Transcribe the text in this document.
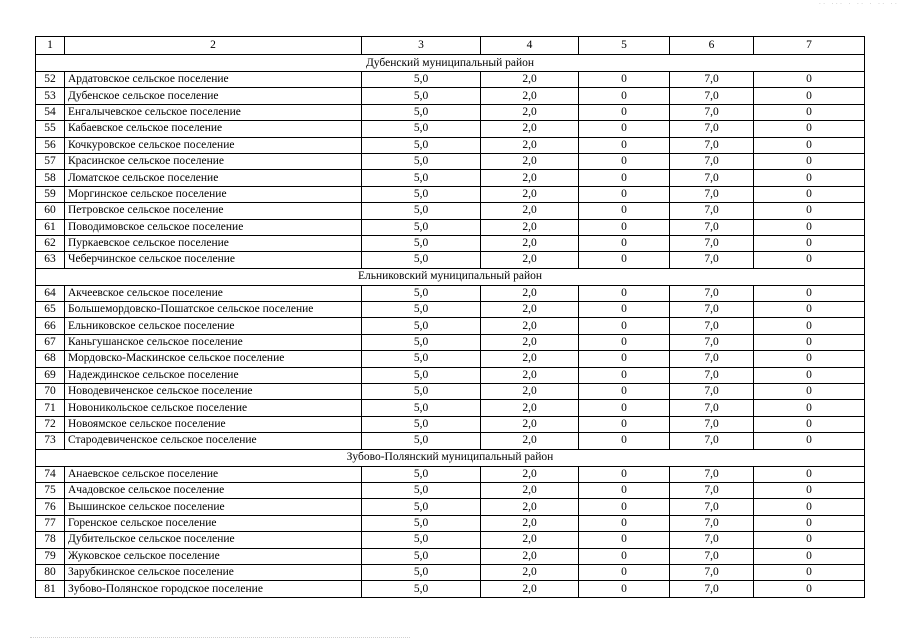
·· ··· · ·· · ·· ··
1	2	3	4	5	6	7
Дубенский муниципальный район						
52	Ардатовское сельское поселение	5,0	2,0	0	7,0	0
53	Дубенское сельское поселение	5,0	2,0	0	7,0	0
54	Енгалычевское сельское поселение	5,0	2,0	0	7,0	0
55	Кабаевское сельское поселение	5,0	2,0	0	7,0	0
56	Кочкуровское сельское поселение	5,0	2,0	0	7,0	0
57	Красинское сельское поселение	5,0	2,0	0	7,0	0
58	Ломатское сельское поселение	5,0	2,0	0	7,0	0
59	Моргинское сельское поселение	5,0	2,0	0	7,0	0
60	Петровское сельское поселение	5,0	2,0	0	7,0	0
61	Поводимовское сельское поселение	5,0	2,0	0	7,0	0
62	Пуркаевское сельское поселение	5,0	2,0	0	7,0	0
63	Чеберчинское сельское поселение	5,0	2,0	0	7,0	0
Ельниковский муниципальный район						
64	Акчеевское сельское поселение	5,0	2,0	0	7,0	0
65	Большемордовско-Пошатское сельское поселение	5,0	2,0	0	7,0	0
66	Ельниковское сельское поселение	5,0	2,0	0	7,0	0
67	Каньгушанское сельское поселение	5,0	2,0	0	7,0	0
68	Мордовско-Маскинское сельское поселение	5,0	2,0	0	7,0	0
69	Надеждинское сельское поселение	5,0	2,0	0	7,0	0
70	Новодевиченское сельское поселение	5,0	2,0	0	7,0	0
71	Новоникольское сельское поселение	5,0	2,0	0	7,0	0
72	Новоямское сельское поселение	5,0	2,0	0	7,0	0
73	Стародевиченское сельское поселение	5,0	2,0	0	7,0	0
Зубово-Полянский муниципальный район						
74	Анаевское сельское поселение	5,0	2,0	0	7,0	0
75	Ачадовское сельское поселение	5,0	2,0	0	7,0	0
76	Вышинское сельское поселение	5,0	2,0	0	7,0	0
77	Горенское сельское поселение	5,0	2,0	0	7,0	0
78	Дубительское сельское поселение	5,0	2,0	0	7,0	0
79	Жуковское сельское поселение	5,0	2,0	0	7,0	0
80	Зарубкинское сельское поселение	5,0	2,0	0	7,0	0
81	Зубово-Полянское городское поселение	5,0	2,0	0	7,0	0
